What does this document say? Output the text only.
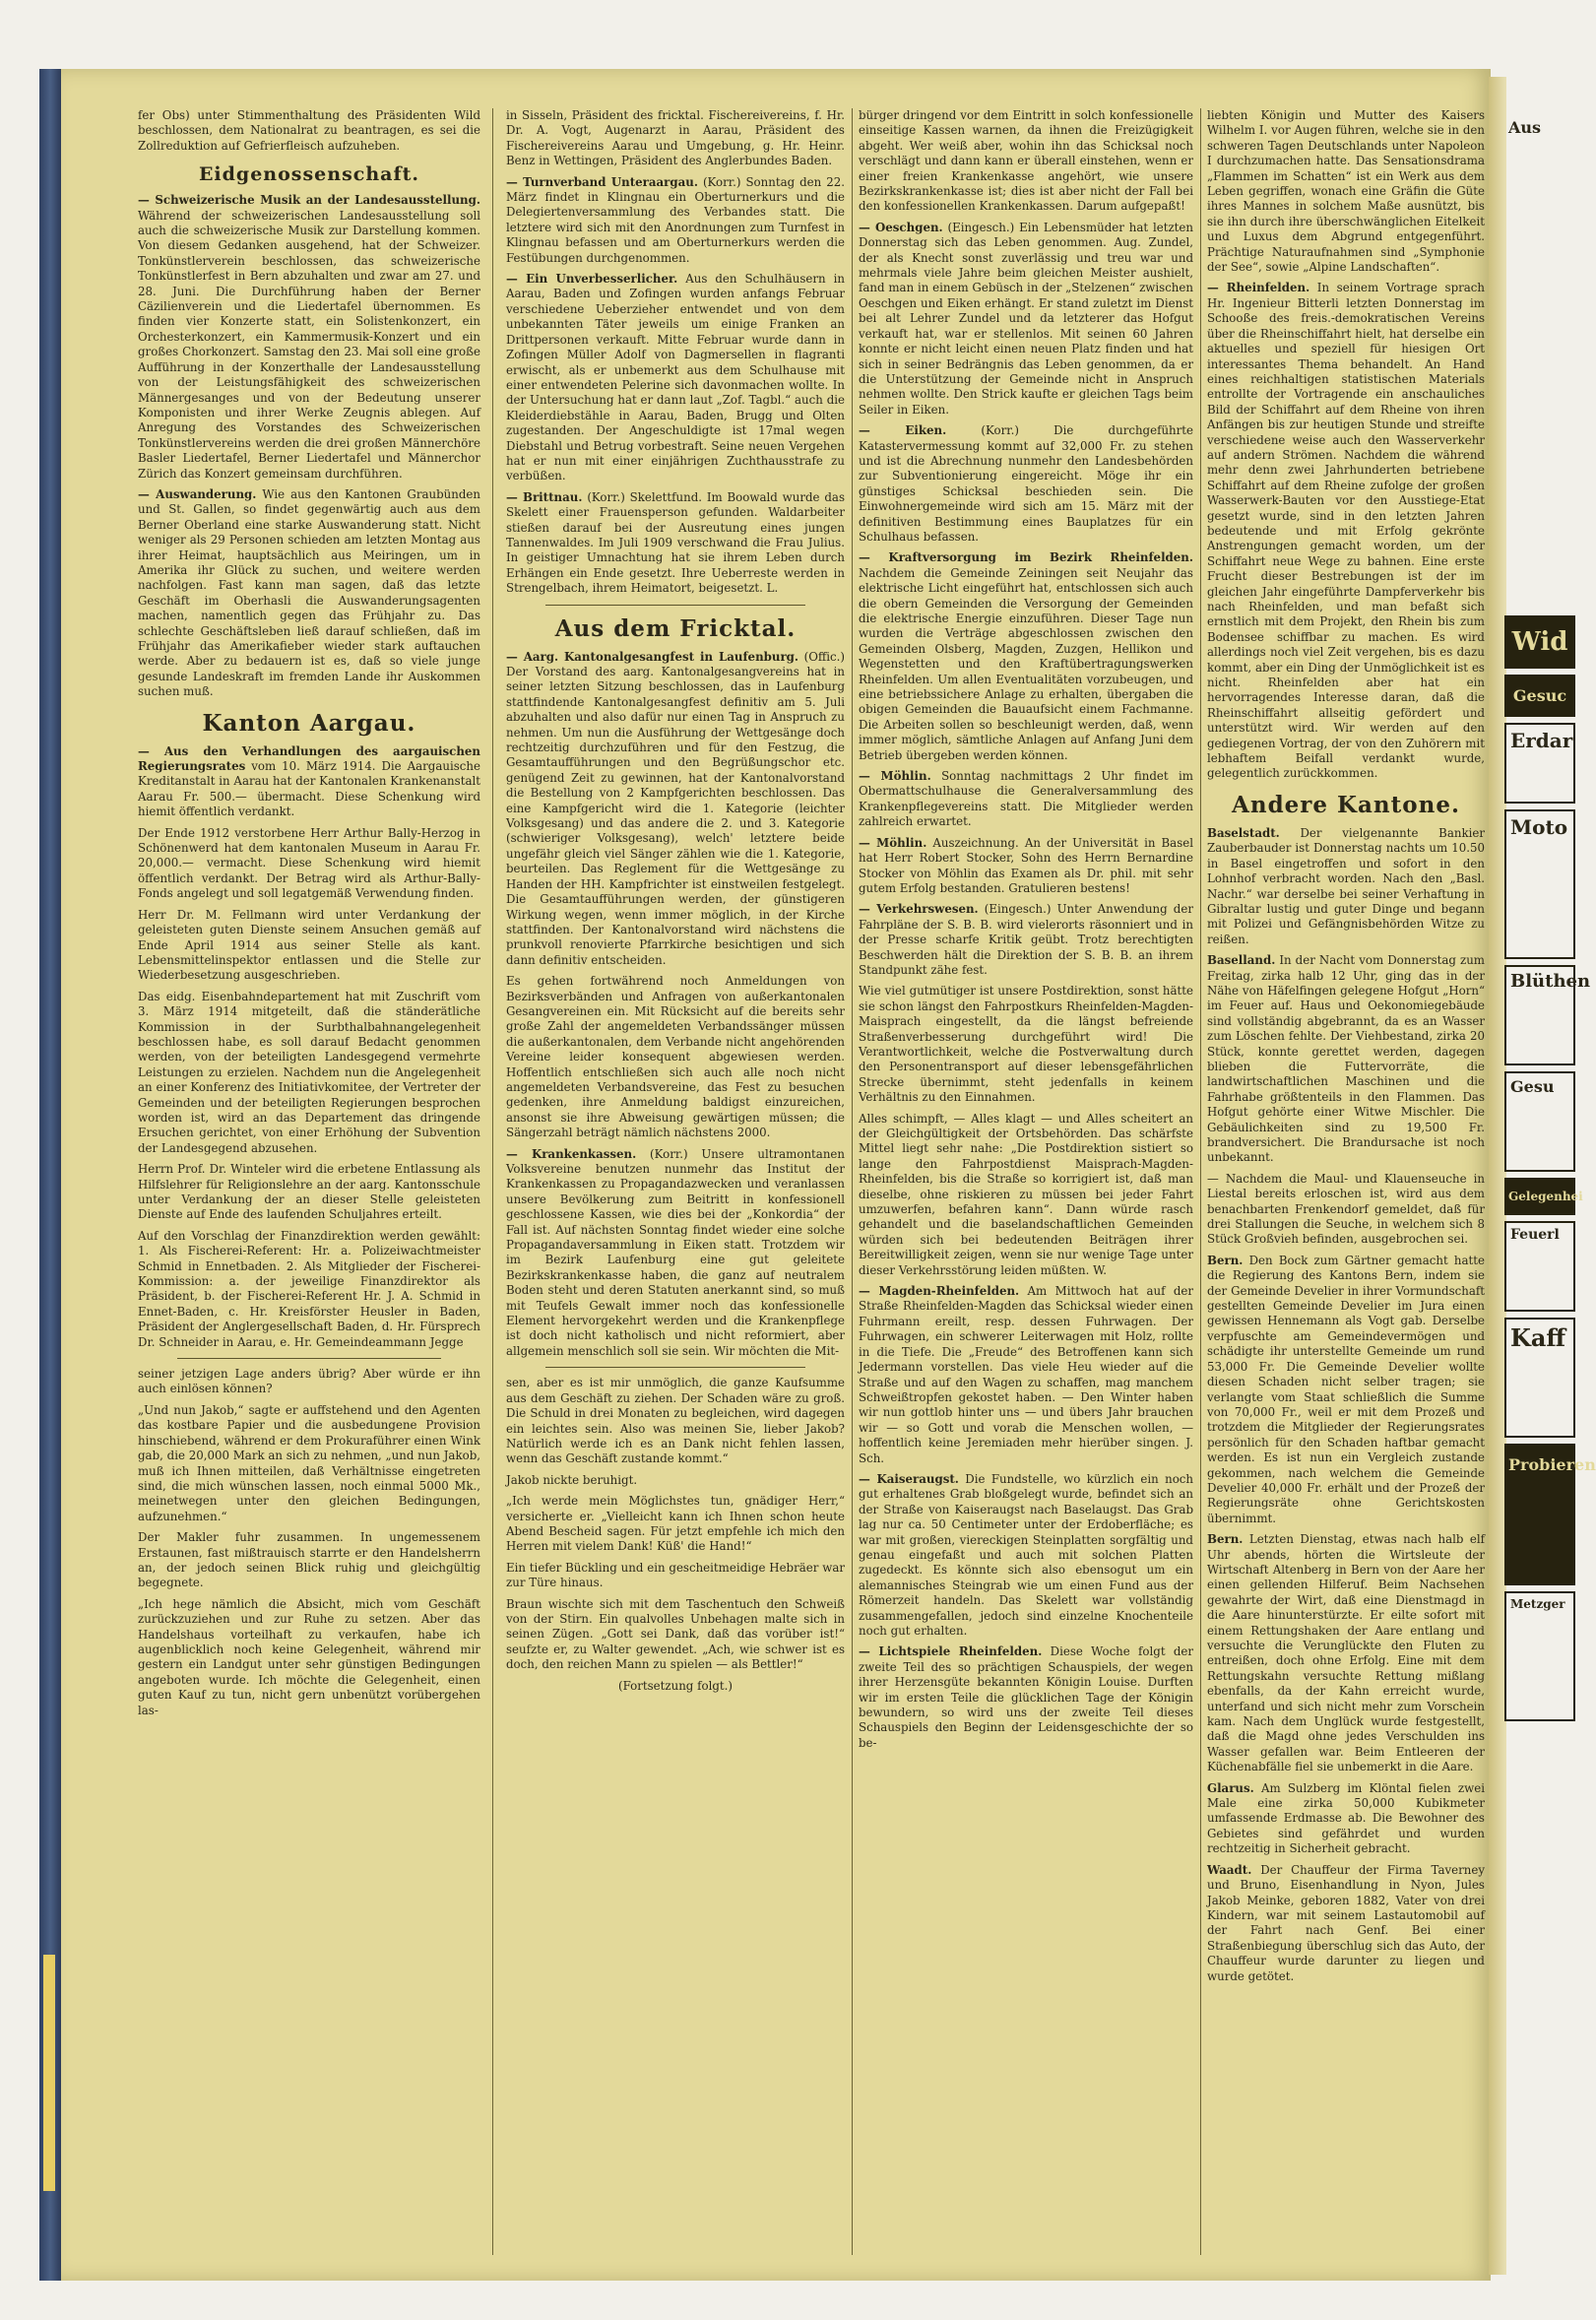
fer Obs) unter Stimmenthaltung des Präsidenten Wild beschlossen, dem Nationalrat zu beantragen, es sei die Zollreduktion auf Gefrierfleisch aufzuheben.

Eidgenossenschaft.

— Schweizerische Musik an der Landesausstellung. Während der schweizerischen Landesausstellung soll auch die schweizerische Musik zur Darstellung kommen. Von diesem Gedanken ausgehend, hat der Schweizer. Tonkünstlerverein beschlossen, das schweizerische Tonkünstlerfest in Bern abzuhalten und zwar am 27. und 28. Juni. Die Durchführung haben der Berner Cäzilienverein und die Liedertafel übernommen. Es finden vier Konzerte statt, ein Solistenkonzert, ein Orchesterkonzert, ein Kammermusik-Konzert und ein großes Chorkonzert. Samstag den 23. Mai soll eine große Aufführung in der Konzerthalle der Landesausstellung von der Leistungsfähigkeit des schweizerischen Männergesanges und von der Bedeutung unserer Komponisten und ihrer Werke Zeugnis ablegen. Auf Anregung des Vorstandes des Schweizerischen Tonkünstlervereins werden die drei großen Männerchöre Basler Liedertafel, Berner Liedertafel und Männerchor Zürich das Konzert gemeinsam durchführen.

— Auswanderung. Wie aus den Kantonen Graubünden und St. Gallen, so findet gegenwärtig auch aus dem Berner Oberland eine starke Auswanderung statt. Nicht weniger als 29 Personen schieden am letzten Montag aus ihrer Heimat, hauptsächlich aus Meiringen, um in Amerika ihr Glück zu suchen, und weitere werden nachfolgen. Fast kann man sagen, daß das letzte Geschäft im Oberhasli die Auswanderungsagenten machen, namentlich gegen das Frühjahr zu. Das schlechte Geschäftsleben ließ darauf schließen, daß im Frühjahr das Amerikafieber wieder stark auftauchen werde. Aber zu bedauern ist es, daß so viele junge gesunde Landeskraft im fremden Lande ihr Auskommen suchen muß.

Kanton Aargau.

— Aus den Verhandlungen des aargauischen Regierungsrates vom 10. März 1914. Die Aargauische Kreditanstalt in Aarau hat der Kantonalen Krankenanstalt Aarau Fr. 500.— übermacht. Diese Schenkung wird hiemit öffentlich verdankt.

Der Ende 1912 verstorbene Herr Arthur Bally-Herzog in Schönenwerd hat dem kantonalen Museum in Aarau Fr. 20,000.— vermacht. Diese Schenkung wird hiemit öffentlich verdankt. Der Betrag wird als Arthur-Bally-Fonds angelegt und soll legatgemäß Verwendung finden.

Herr Dr. M. Fellmann wird unter Verdankung der geleisteten guten Dienste seinem Ansuchen gemäß auf Ende April 1914 aus seiner Stelle als kant. Lebensmittelinspektor entlassen und die Stelle zur Wiederbesetzung ausgeschrieben.

Das eidg. Eisenbahndepartement hat mit Zuschrift vom 3. März 1914 mitgeteilt, daß die ständerätliche Kommission in der Surbthalbahnangelegenheit beschlossen habe, es soll darauf Bedacht genommen werden, von der beteiligten Landesgegend vermehrte Leistungen zu erzielen. Nachdem nun die Angelegenheit an einer Konferenz des Initiativkomitee, der Vertreter der Gemeinden und der beteiligten Regierungen besprochen worden ist, wird an das Departement das dringende Ersuchen gerichtet, von einer Erhöhung der Subvention der Landesgegend abzusehen.

Herrn Prof. Dr. Winteler wird die erbetene Entlassung als Hilfslehrer für Religionslehre an der aarg. Kantonsschule unter Verdankung der an dieser Stelle geleisteten Dienste auf Ende des laufenden Schuljahres erteilt.

Auf den Vorschlag der Finanzdirektion werden gewählt: 1. Als Fischerei-Referent: Hr. a. Polizeiwachtmeister Schmid in Ennetbaden. 2. Als Mitglieder der Fischerei-Kommission: a. der jeweilige Finanzdirektor als Präsident, b. der Fischerei-Referent Hr. J. A. Schmid in Ennet-Baden, c. Hr. Kreisförster Heusler in Baden, Präsident der Anglergesellschaft Baden, d. Hr. Fürsprech Dr. Schneider in Aarau, e. Hr. Gemeindeammann Jegge

seiner jetzigen Lage anders übrig? Aber würde er ihn auch einlösen können?

„Und nun Jakob,“ sagte er auffstehend und den Agenten das kostbare Papier und die ausbedungene Provision hinschiebend, während er dem Prokuraführer einen Wink gab, die 20,000 Mark an sich zu nehmen, „und nun Jakob, muß ich Ihnen mitteilen, daß Verhältnisse eingetreten sind, die mich wünschen lassen, noch einmal 5000 Mk., meinetwegen unter den gleichen Bedingungen, aufzunehmen.“

Der Makler fuhr zusammen. In ungemessenem Erstaunen, fast mißtrauisch starrte er den Handelsherrn an, der jedoch seinen Blick ruhig und gleichgültig begegnete.

„Ich hege nämlich die Absicht, mich vom Geschäft zurückzuziehen und zur Ruhe zu setzen. Aber das Handelshaus vorteilhaft zu verkaufen, habe ich augenblicklich noch keine Gelegenheit, während mir gestern ein Landgut unter sehr günstigen Bedingungen angeboten wurde. Ich möchte die Gelegenheit, einen guten Kauf zu tun, nicht gern unbenützt vorübergehen las-

in Sisseln, Präsident des fricktal. Fischereivereins, f. Hr. Dr. A. Vogt, Augenarzt in Aarau, Präsident des Fischereivereins Aarau und Umgebung, g. Hr. Heinr. Benz in Wettingen, Präsident des Anglerbundes Baden.

— Turnverband Unteraargau. (Korr.) Sonntag den 22. März findet in Klingnau ein Oberturnerkurs und die Delegiertenversammlung des Verbandes statt. Die letztere wird sich mit den Anordnungen zum Turnfest in Klingnau befassen und am Oberturnerkurs werden die Festübungen durchgenommen.

— Ein Unverbesserlicher. Aus den Schulhäusern in Aarau, Baden und Zofingen wurden anfangs Februar verschiedene Ueberzieher entwendet und von dem unbekannten Täter jeweils um einige Franken an Drittpersonen verkauft. Mitte Februar wurde dann in Zofingen Müller Adolf von Dagmersellen in flagranti erwischt, als er unbemerkt aus dem Schulhause mit einer entwendeten Pelerine sich davonmachen wollte. In der Untersuchung hat er dann laut „Zof. Tagbl.“ auch die Kleiderdiebstähle in Aarau, Baden, Brugg und Olten zugestanden. Der Angeschuldigte ist 17mal wegen Diebstahl und Betrug vorbestraft. Seine neuen Vergehen hat er nun mit einer einjährigen Zuchthausstrafe zu verbüßen.

— Brittnau. (Korr.) Skelettfund. Im Boowald wurde das Skelett einer Frauensperson gefunden. Waldarbeiter stießen darauf bei der Ausreutung eines jungen Tannenwaldes. Im Juli 1909 verschwand die Frau Julius. In geistiger Umnachtung hat sie ihrem Leben durch Erhängen ein Ende gesetzt. Ihre Ueberreste werden in Strengelbach, ihrem Heimatort, beigesetzt. L.

Aus dem Fricktal.

— Aarg. Kantonalgesangfest in Laufenburg. (Offic.) Der Vorstand des aarg. Kantonalgesangvereins hat in seiner letzten Sitzung beschlossen, das in Laufenburg stattfindende Kantonalgesangfest definitiv am 5. Juli abzuhalten und also dafür nur einen Tag in Anspruch zu nehmen. Um nun die Ausführung der Wettgesänge doch rechtzeitig durchzuführen und für den Festzug, die Gesamtaufführungen und den Begrüßungschor etc. genügend Zeit zu gewinnen, hat der Kantonalvorstand die Bestellung von 2 Kampfgerichten beschlossen. Das eine Kampfgericht wird die 1. Kategorie (leichter Volksgesang) und das andere die 2. und 3. Kategorie (schwieriger Volksgesang), welch' letztere beide ungefähr gleich viel Sänger zählen wie die 1. Kategorie, beurteilen. Das Reglement für die Wettgesänge zu Handen der HH. Kampfrichter ist einstweilen festgelegt. Die Gesamtaufführungen werden, der günstigeren Wirkung wegen, wenn immer möglich, in der Kirche stattfinden. Der Kantonalvorstand wird nächstens die prunkvoll renovierte Pfarrkirche besichtigen und sich dann definitiv entscheiden.

Es gehen fortwährend noch Anmeldungen von Bezirksverbänden und Anfragen von außerkantonalen Gesangvereinen ein. Mit Rücksicht auf die bereits sehr große Zahl der angemeldeten Verbandssänger müssen die außerkantonalen, dem Verbande nicht angehörenden Vereine leider konsequent abgewiesen werden. Hoffentlich entschließen sich auch alle noch nicht angemeldeten Verbandsvereine, das Fest zu besuchen gedenken, ihre Anmeldung baldigst einzureichen, ansonst sie ihre Abweisung gewärtigen müssen; die Sängerzahl beträgt nämlich nächstens 2000.

— Krankenkassen. (Korr.) Unsere ultramontanen Volksvereine benutzen nunmehr das Institut der Krankenkassen zu Propagandazwecken und veranlassen unsere Bevölkerung zum Beitritt in konfessionell geschlossene Kassen, wie dies bei der „Konkordia“ der Fall ist. Auf nächsten Sonntag findet wieder eine solche Propagandaversammlung in Eiken statt. Trotzdem wir im Bezirk Laufenburg eine gut geleitete Bezirkskrankenkasse haben, die ganz auf neutralem Boden steht und deren Statuten anerkannt sind, so muß mit Teufels Gewalt immer noch das konfessionelle Element hervorgekehrt werden und die Krankenpflege ist doch nicht katholisch und nicht reformiert, aber allgemein menschlich soll sie sein. Wir möchten die Mit-

sen, aber es ist mir unmöglich, die ganze Kaufsumme aus dem Geschäft zu ziehen. Der Schaden wäre zu groß. Die Schuld in drei Monaten zu begleichen, wird dagegen ein leichtes sein. Also was meinen Sie, lieber Jakob? Natürlich werde ich es an Dank nicht fehlen lassen, wenn das Geschäft zustande kommt.“

Jakob nickte beruhigt.

„Ich werde mein Möglichstes tun, gnädiger Herr,“ versicherte er. „Vielleicht kann ich Ihnen schon heute Abend Bescheid sagen. Für jetzt empfehle ich mich den Herren mit vielem Dank! Küß' die Hand!“

Ein tiefer Bückling und ein gescheitmeidige Hebräer war zur Türe hinaus.

Braun wischte sich mit dem Taschentuch den Schweiß von der Stirn. Ein qualvolles Unbehagen malte sich in seinen Zügen. „Gott sei Dank, daß das vorüber ist!“ seufzte er, zu Walter gewendet. „Ach, wie schwer ist es doch, den reichen Mann zu spielen — als Bettler!“

(Fortsetzung folgt.)

bürger dringend vor dem Eintritt in solch konfessionelle einseitige Kassen warnen, da ihnen die Freizügigkeit abgeht. Wer weiß aber, wohin ihn das Schicksal noch verschlägt und dann kann er überall einstehen, wenn er einer freien Krankenkasse angehört, wie unsere Bezirkskrankenkasse ist; dies ist aber nicht der Fall bei den konfessionellen Krankenkassen. Darum aufgepaßt!

— Oeschgen. (Eingesch.) Ein Lebensmüder hat letzten Donnerstag sich das Leben genommen. Aug. Zundel, der als Knecht sonst zuverlässig und treu war und mehrmals viele Jahre beim gleichen Meister aushielt, fand man in einem Gebüsch in der „Stelzenen“ zwischen Oeschgen und Eiken erhängt. Er stand zuletzt im Dienst bei alt Lehrer Zundel und da letzterer das Hofgut verkauft hat, war er stellenlos. Mit seinen 60 Jahren konnte er nicht leicht einen neuen Platz finden und hat sich in seiner Bedrängnis das Leben genommen, da er die Unterstützung der Gemeinde nicht in Anspruch nehmen wollte. Den Strick kaufte er gleichen Tags beim Seiler in Eiken.

— Eiken.	(Korr.) Die durchgeführte Katastervermessung kommt auf 32,000 Fr. zu stehen und ist die Abrechnung nunmehr den Landesbehörden zur Subventionierung eingereicht. Möge ihr ein günstiges Schicksal beschieden sein. Die Einwohnergemeinde wird sich am 15. März mit der definitiven Bestimmung eines Bauplatzes für ein Schulhaus befassen.

— Kraftversorgung im Bezirk Rheinfelden. Nachdem die Gemeinde Zeiningen seit Neujahr das elektrische Licht eingeführt hat, entschlossen sich auch die obern Gemeinden die Versorgung der Gemeinden die elektrische Energie einzuführen. Dieser Tage nun wurden die Verträge abgeschlossen zwischen den Gemeinden Olsberg, Magden, Zuzgen, Hellikon und Wegenstetten und den Kraftübertragungswerken Rheinfelden. Um allen Eventualitäten vorzubeugen, und eine betriebssichere Anlage zu erhalten, übergaben die obigen Gemeinden die Bauaufsicht einem Fachmanne. Die Arbeiten sollen so beschleunigt werden, daß, wenn immer möglich, sämtliche Anlagen auf Anfang Juni dem Betrieb übergeben werden können.

— Möhlin. Sonntag nachmittags 2 Uhr findet im Obermattschulhause die Generalversammlung des Krankenpflegevereins statt. Die Mitglieder werden zahlreich erwartet.

— Möhlin. Auszeichnung. An der Universität in Basel hat Herr Robert Stocker, Sohn des Herrn Bernardine Stocker von Möhlin das Examen als Dr. phil. mit sehr gutem Erfolg bestanden. Gratulieren bestens!

— Verkehrswesen. (Eingesch.) Unter Anwendung der Fahrpläne der S. B. B. wird vielerorts räsonniert und in der Presse scharfe Kritik geübt. Trotz berechtigten Beschwerden hält die Direktion der S. B. B. an ihrem Standpunkt zähe fest.

Wie viel gutmütiger ist unsere Postdirektion, sonst hätte sie schon längst den Fahrpostkurs Rheinfelden-Magden-Maisprach eingestellt, da die längst befreiende Straßenverbesserung durchgeführt wird! Die Verantwortlichkeit, welche die Postverwaltung durch den Personentransport auf dieser lebensgefährlichen Strecke übernimmt, steht jedenfalls in keinem Verhältnis zu den Einnahmen.

Alles schimpft, — Alles klagt — und Alles scheitert an der Gleichgültigkeit der Ortsbehörden. Das schärfste Mittel liegt sehr nahe: „Die Postdirektion sistiert so lange den Fahrpostdienst Maisprach-Magden-Rheinfelden, bis die Straße so korrigiert ist, daß man dieselbe, ohne riskieren zu müssen bei jeder Fahrt umzuwerfen, befahren kann“. Dann würde rasch gehandelt und die baselandschaftlichen Gemeinden würden sich bei bedeutenden Beiträgen ihrer Bereitwilligkeit zeigen, wenn sie nur wenige Tage unter dieser Verkehrsstörung leiden müßten. W.

— Magden-Rheinfelden. Am Mittwoch hat auf der Straße Rheinfelden-Magden das Schicksal wieder einen Fuhrmann ereilt, resp. dessen Fuhrwagen. Der Fuhrwagen, ein schwerer Leiterwagen mit Holz, rollte in die Tiefe. Die „Freude“ des Betroffenen kann sich Jedermann vorstellen. Das viele Heu wieder auf die Straße und auf den Wagen zu schaffen, mag manchem Schweißtropfen gekostet haben. — Den Winter haben wir nun gottlob hinter uns — und übers Jahr brauchen wir — so Gott und vorab die Menschen wollen, — hoffentlich keine Jeremiaden mehr hierüber singen. J. Sch.

— Kaiseraugst. Die Fundstelle, wo kürzlich ein noch gut erhaltenes Grab bloßgelegt wurde, befindet sich an der Straße von Kaiseraugst nach Baselaugst. Das Grab lag nur ca. 50 Centimeter unter der Erdoberfläche; es war mit großen, viereckigen Steinplatten sorgfältig und genau eingefaßt und auch mit solchen Platten zugedeckt. Es könnte sich also ebensogut um ein alemannisches Steingrab wie um einen Fund aus der Römerzeit handeln. Das Skelett war vollständig zusammengefallen, jedoch sind einzelne Knochenteile noch gut erhalten.

— Lichtspiele Rheinfelden. Diese Woche folgt der zweite Teil des so prächtigen Schauspiels, der wegen ihrer Herzensgüte bekannten Königin Louise. Durften wir im ersten Teile die glücklichen Tage der Königin bewundern, so wird uns der zweite Teil dieses Schauspiels den Beginn der Leidensgeschichte der so be-

liebten Königin und Mutter des Kaisers Wilhelm I. vor Augen führen, welche sie in den schweren Tagen Deutschlands unter Napoleon I durchzumachen hatte. Das Sensationsdrama „Flammen im Schatten“ ist ein Werk aus dem Leben gegriffen, wonach eine Gräfin die Güte ihres Mannes in solchem Maße ausnützt, bis sie ihn durch ihre überschwänglichen Eitelkeit und Luxus dem Abgrund entgegenführt. Prächtige Naturaufnahmen sind „Symphonie der See“, sowie „Alpine Landschaften“.

— Rheinfelden. In seinem Vortrage sprach Hr. Ingenieur Bitterli letzten Donnerstag im Schooße des freis.-demokratischen Vereins über die Rheinschiffahrt hielt, hat derselbe ein aktuelles und speziell für hiesigen Ort interessantes Thema behandelt. An Hand eines reichhaltigen statistischen Materials entrollte der Vortragende ein anschauliches Bild der Schiffahrt auf dem Rheine von ihren Anfängen bis zur heutigen Stunde und streifte verschiedene weise auch den Wasserverkehr auf andern Strömen. Nachdem die während mehr denn zwei Jahrhunderten betriebene Schiffahrt auf dem Rheine zufolge der großen Wasserwerk-Bauten vor den Ausstiege-Etat gesetzt wurde, sind in den letzten Jahren bedeutende und mit Erfolg gekrönte Anstrengungen gemacht worden, um der Schiffahrt neue Wege zu bahnen. Eine erste Frucht dieser Bestrebungen ist der im gleichen Jahr eingeführte Dampferverkehr bis nach Rheinfelden, und man befaßt sich ernstlich mit dem Projekt, den Rhein bis zum Bodensee schiffbar zu machen. Es wird allerdings noch viel Zeit vergehen, bis es dazu kommt, aber ein Ding der Unmöglichkeit ist es nicht. Rheinfelden aber hat ein hervorragendes Interesse daran, daß die Rheinschiffahrt allseitig gefördert und unterstützt wird. Wir werden auf den gediegenen Vortrag, der von den Zuhörern mit lebhaftem Beifall verdankt wurde, gelegentlich zurückkommen.

Andere Kantone.

Baselstadt. Der vielgenannte Bankier Zauberbauder ist Donnerstag nachts um 10.50 in Basel eingetroffen und sofort in den Lohnhof verbracht worden. Nach den „Basl. Nachr.“ war derselbe bei seiner Verhaftung in Gibraltar lustig und guter Dinge und begann mit Polizei und Gefängnisbehörden Witze zu reißen.

Baselland. In der Nacht vom Donnerstag zum Freitag, zirka halb 12 Uhr, ging das in der Nähe von Häfelfingen gelegene Hofgut „Horn“ im Feuer auf. Haus und Oekonomiegebäude sind vollständig abgebrannt, da es an Wasser zum Löschen fehlte. Der Viehbestand, zirka 20 Stück, konnte gerettet werden, dagegen blieben die Futtervorräte, die landwirtschaftlichen Maschinen und die Fahrhabe größtenteils in den Flammen. Das Hofgut gehörte einer Witwe Mischler. Die Gebäulichkeiten sind zu 19,500 Fr. brandversichert. Die Brandursache ist noch unbekannt.

— Nachdem die Maul- und Klauenseuche in Liestal bereits erloschen ist, wird aus dem benachbarten Frenkendorf gemeldet, daß für drei Stallungen die Seuche, in welchem sich 8 Stück Großvieh befinden, ausgebrochen sei.

Bern. Den Bock zum Gärtner gemacht hatte die Regierung des Kantons Bern, indem sie der Gemeinde Develier in ihrer Vormundschaft gestellten Gemeinde Develier im Jura einen gewissen Hennemann als Vogt gab. Derselbe verpfuschte am Gemeindevermögen und schädigte ihr unterstellte Gemeinde um rund 53,000 Fr. Die Gemeinde Develier wollte diesen Schaden nicht selber tragen; sie verlangte vom Staat schließlich die Summe von 70,000 Fr., weil er mit dem Prozeß und trotzdem die Mitglieder der Regierungsrates persönlich für den Schaden haftbar gemacht werden. Es ist nun ein Vergleich zustande gekommen, nach welchem die Gemeinde Develier 40,000 Fr. erhält und der Prozeß der Regierungsräte ohne Gerichtskosten übernimmt.

Bern. Letzten Dienstag, etwas nach halb elf Uhr abends, hörten die Wirtsleute der Wirtschaft Altenberg in Bern von der Aare her einen gellenden Hilferuf. Beim Nachsehen gewahrte der Wirt, daß eine Dienstmagd in die Aare hinunterstürzte. Er eilte sofort mit einem Rettungshaken der Aare entlang und versuchte die Verunglückte den Fluten zu entreißen, doch ohne Erfolg. Eine mit dem Rettungskahn versuchte Rettung mißlang ebenfalls, da der Kahn erreicht wurde, unterfand und sich nicht mehr zum Vorschein kam. Nach dem Unglück wurde festgestellt, daß die Magd ohne jedes Verschulden ins Wasser gefallen war. Beim Entleeren der Küchenabfälle fiel sie unbemerkt in die Aare.

Glarus. Am Sulzberg im Klöntal fielen zwei Male eine zirka 50,000 Kubikmeter umfassende Erdmasse ab. Die Bewohner des Gebietes sind gefährdet und wurden rechtzeitig in Sicherheit gebracht.

Waadt. Der Chauffeur der Firma Taverney und Bruno, Eisenhandlung in Nyon, Jules Jakob Meinke, geboren 1882, Vater von drei Kindern, war mit seinem Lastautomobil auf der Fahrt nach Genf. Bei einer Straßenbiegung überschlug sich das Auto, der Chauffeur wurde darunter zu liegen und wurde getötet.

Aus
Wid
Gesuc
Erdar
Moto
Blüthen
Gesu
Gelegenhei
Feuerl
Kaff
Probieren
Metzger
